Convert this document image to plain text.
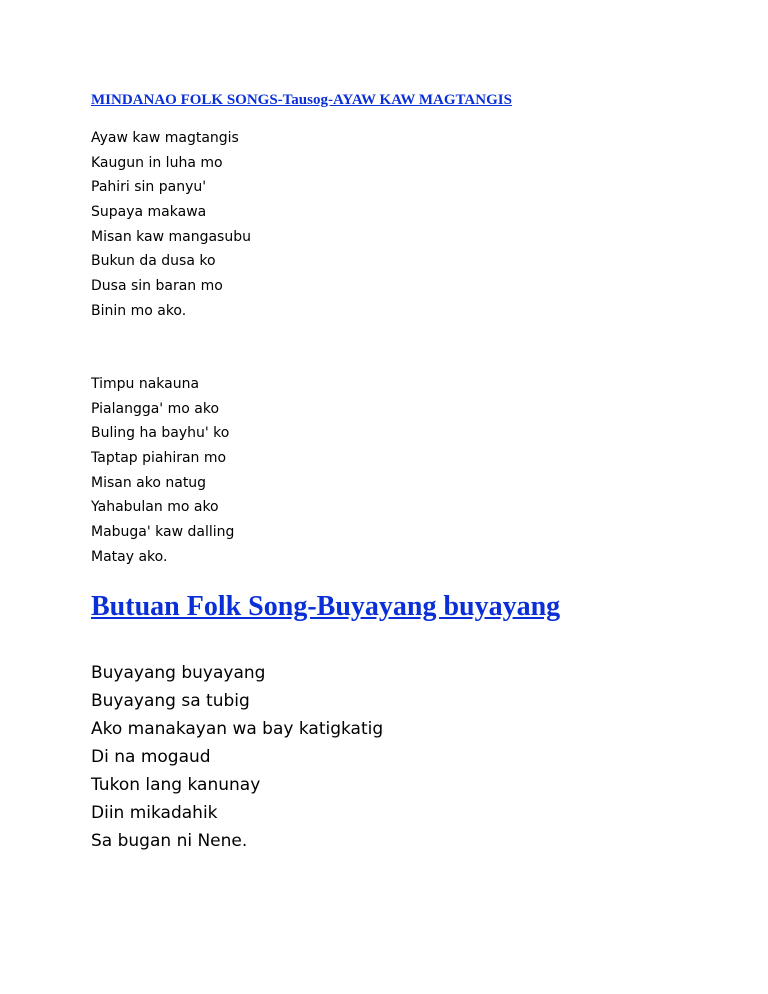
MINDANAO FOLK SONGS-Tausog-AYAW KAW MAGTANGIS
Ayaw kaw magtangis
Kaugun in luha mo
Pahiri sin panyu'
Supaya makawa
Misan kaw mangasubu
Bukun da dusa ko
Dusa sin baran mo
Binin mo ako.
Timpu nakauna
Pialangga' mo ako
Buling ha bayhu' ko
Taptap piahiran mo
Misan ako natug
Yahabulan mo ako
Mabuga' kaw dalling
Matay ako.
Butuan Folk Song-Buyayang buyayang
Buyayang buyayang
Buyayang sa tubig
Ako manakayan wa bay katigkatig
Di na mogaud
Tukon lang kanunay
Diin mikadahik
Sa bugan ni Nene.
